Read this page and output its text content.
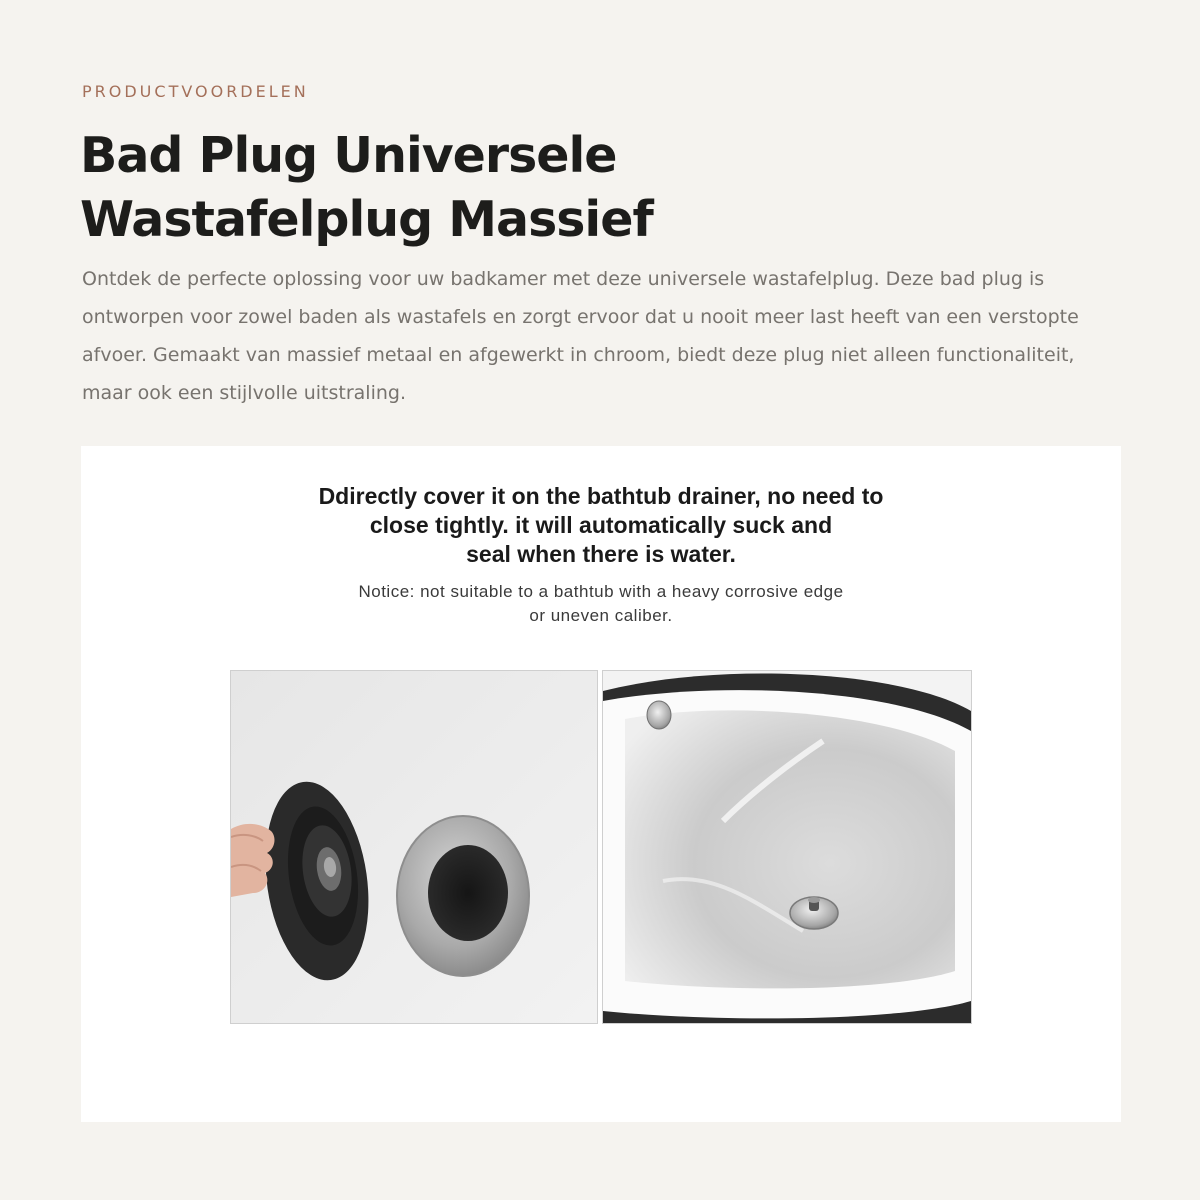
PRODUCTVOORDELEN
Bad Plug Universele
Wastafelplug Massief

Ontdek de perfecte oplossing voor uw badkamer met deze universele wastafelplug. Deze bad plug is ontworpen voor zowel baden als wastafels en zorgt ervoor dat u nooit meer last heeft van een verstopte afvoer. Gemaakt van massief metaal en afgewerkt in chroom, biedt deze plug niet alleen functionaliteit, maar ook een stijlvolle uitstraling.

Ddirectly cover it on the bathtub drainer, no need to
close tightly. it will automatically suck and
seal when there is water.
Notice: not suitable to a bathtub with a heavy corrosive edge
or uneven caliber.
